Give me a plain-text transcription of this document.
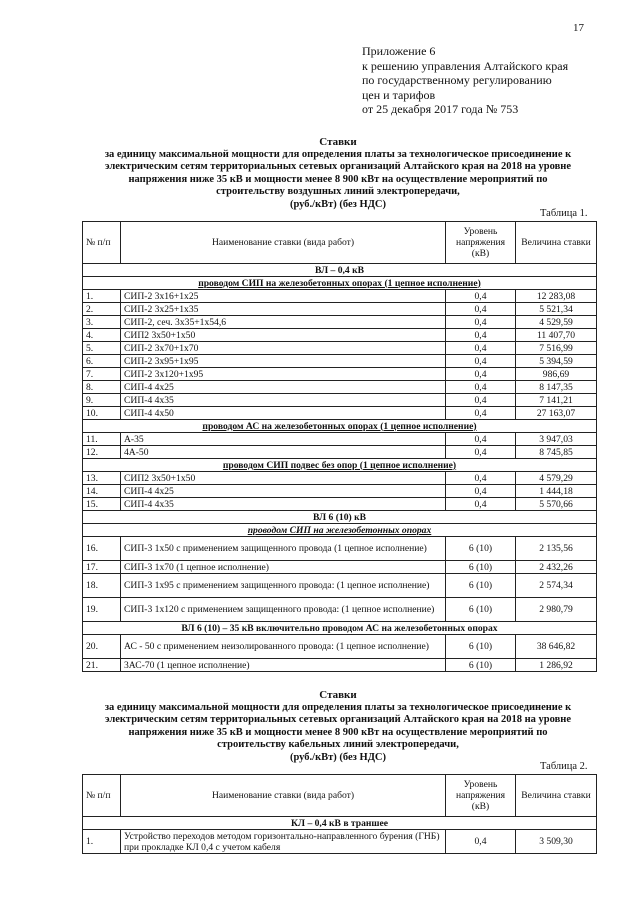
17
Приложение 6
к решению управления Алтайского края
по государственному регулированию
цен и тарифов
от 25 декабря 2017 года № 753
Ставки
за единицу максимальной мощности для определения платы за технологическое присоединение к
электрическим сетям территориальных сетевых организаций Алтайского края на 2018 на уровне
напряжения ниже 35 кВ и мощности менее 8 900 кВт на осуществление мероприятий по
строительству воздушных линий электропередачи,
(руб./кВт) (без НДС)
Таблица 1.
№ п/п	Наименование ставки (вида работ)	Уровень напряжения (кВ)	Величина ставки
ВЛ – 0,4 кВ			
проводом СИП на железобетонных опорах (1 цепное исполнение)			
1.	СИП-2 3х16+1х25	0,4	12 283,08
2.	СИП-2 3х25+1х35	0,4	5 521,34
3.	СИП-2, сеч. 3х35+1х54,6	0,4	4 529,59
4.	СИП2 3х50+1х50	0,4	11 407,70
5.	СИП-2 3х70+1х70	0,4	7 516,99
6.	СИП-2 3х95+1х95	0,4	5 394,59
7.	СИП-2 3х120+1х95	0,4	986,69
8.	СИП-4 4х25	0,4	8 147,35
9.	СИП-4 4х35	0,4	7 141,21
10.	СИП-4 4х50	0,4	27 163,07
проводом АС на железобетонных опорах (1 цепное исполнение)			
11.	А-35	0,4	3 947,03
12.	4А-50	0,4	8 745,85
проводом СИП подвес без опор (1 цепное исполнение)			
13.	СИП2 3х50+1х50	0,4	4 579,29
14.	СИП-4 4х25	0,4	1 444,18
15.	СИП-4 4х35	0,4	5 570,66
ВЛ 6 (10) кВ			
проводом СИП на железобетонных опорах			
16.	СИП-3 1х50 с применением защищенного провода (1 цепное исполнение)	6 (10)	2 135,56
17.	СИП-3 1х70 (1 цепное исполнение)	6 (10)	2 432,26
18.	СИП-3 1х95 с применением защищенного провода: (1 цепное исполнение)	6 (10)	2 574,34
19.	СИП-3 1х120 с применением защищенного провода: (1 цепное исполнение)	6 (10)	2 980,79
ВЛ 6 (10) – 35 кВ включительно проводом АС на железобетонных опорах			
20.	АС - 50 с применением неизолированного провода: (1 цепное исполнение)	6 (10)	38 646,82
21.	3АС-70 (1 цепное исполнение)	6 (10)	1 286,92
Ставки
за единицу максимальной мощности для определения платы за технологическое присоединение к
электрическим сетям территориальных сетевых организаций Алтайского края на 2018 на уровне
напряжения ниже 35 кВ и мощности менее 8 900 кВт на осуществление мероприятий по
строительству кабельных линий электропередачи,
(руб./кВт) (без НДС)
Таблица 2.
№ п/п	Наименование ставки (вида работ)	Уровень напряжения (кВ)	Величина ставки
КЛ – 0,4 кВ в траншее			
1.	Устройство переходов методом горизонтально-направленного бурения (ГНБ) при прокладке КЛ 0,4 с учетом кабеля	0,4	3 509,30
